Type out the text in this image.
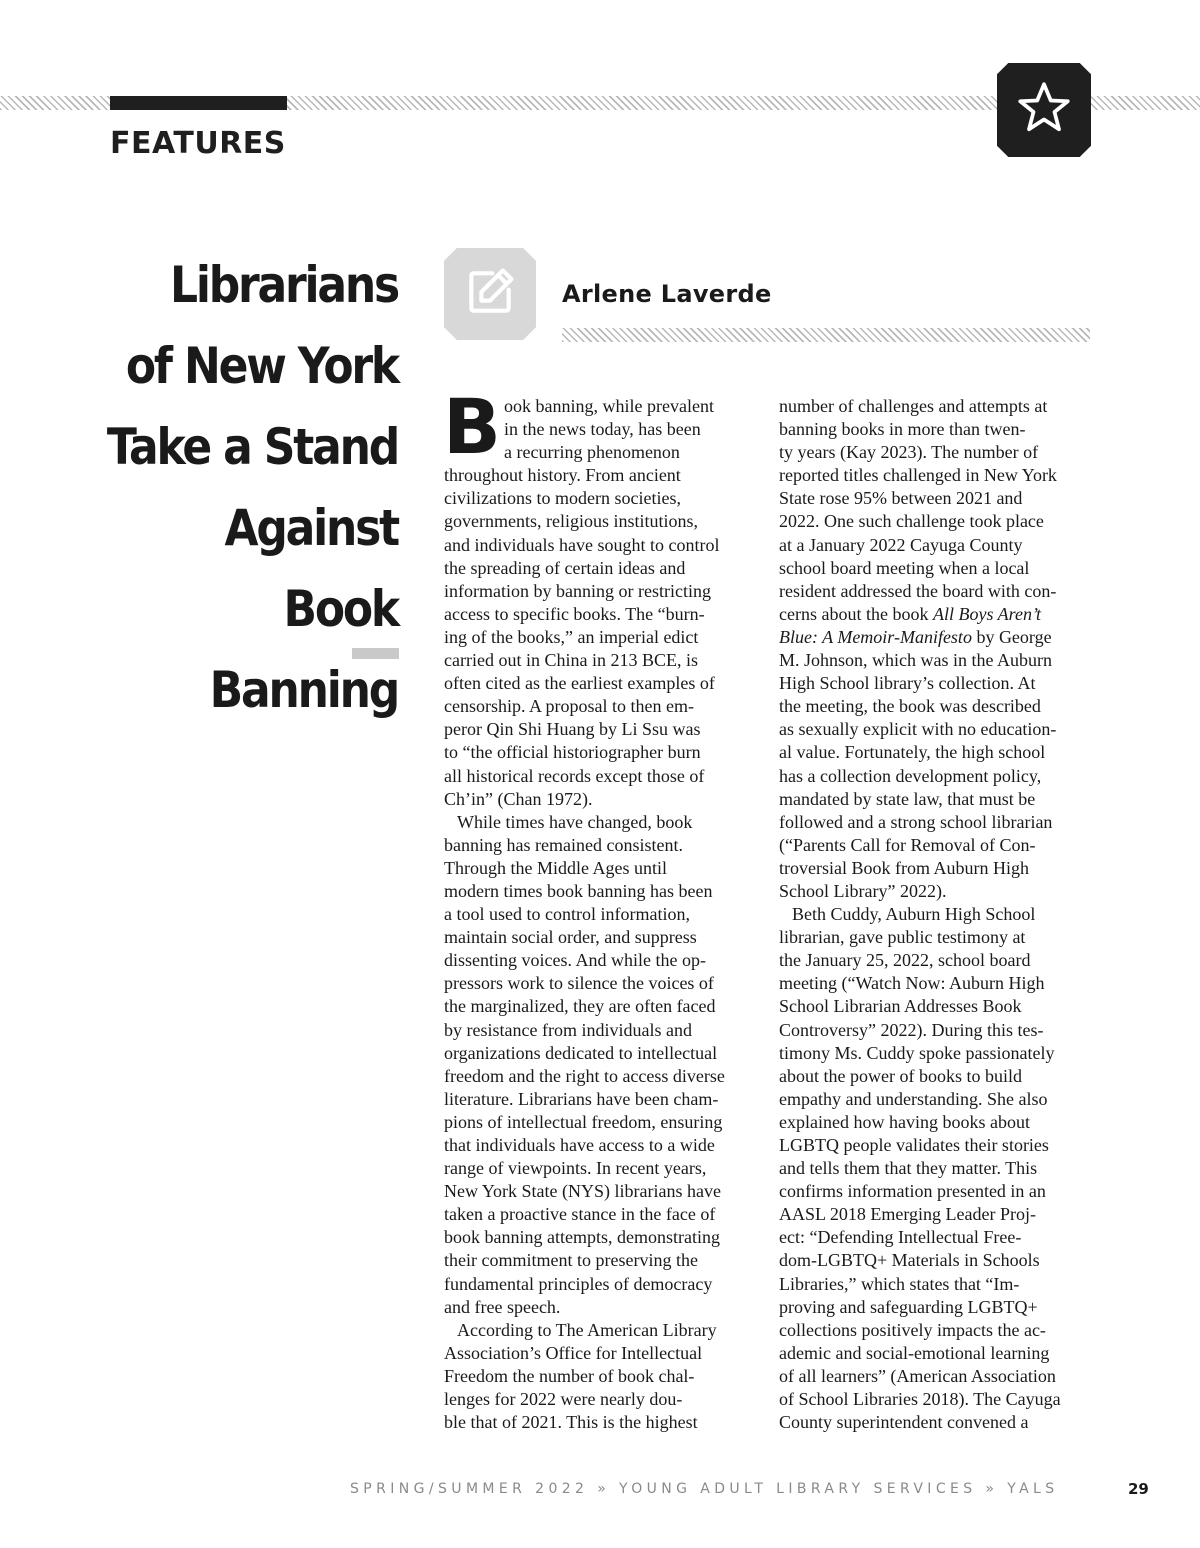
FEATURES
Librarians
of New York
Take a Stand
Against Book
Banning
Arlene Laverde
B ook banning, while prevalent
in the news today, has been
a recurring phenomenon
throughout history. From ancient
civilizations to modern societies,
governments, religious institutions,
and individuals have sought to control
the spreading of certain ideas and
information by banning or restricting
access to specific books. The “burn-
ing of the books,” an imperial edict
carried out in China in 213 BCE, is
often cited as the earliest examples of
censorship. A proposal to then em-
peror Qin Shi Huang by Li Ssu was
to “the official historiographer burn
all historical records except those of
Ch’in” (Chan 1972).
While times have changed, book
banning has remained consistent.
Through the Middle Ages until
modern times book banning has been
a tool used to control information,
maintain social order, and suppress
dissenting voices. And while the op-
pressors work to silence the voices of
the marginalized, they are often faced
by resistance from individuals and
organizations dedicated to intellectual
freedom and the right to access diverse
literature. Librarians have been cham-
pions of intellectual freedom, ensuring
that individuals have access to a wide
range of viewpoints. In recent years,
New York State (NYS) librarians have
taken a proactive stance in the face of
book banning attempts, demonstrating
their commitment to preserving the
fundamental principles of democracy
and free speech.
According to The American Library
Association’s Office for Intellectual
Freedom the number of book chal-
lenges for 2022 were nearly dou-
ble that of 2021. This is the highest
number of challenges and attempts at
banning books in more than twen-
ty years (Kay 2023). The number of
reported titles challenged in New York
State rose 95% between 2021 and
2022. One such challenge took place
at a January 2022 Cayuga County
school board meeting when a local
resident addressed the board with con-
cerns about the book All Boys Aren’t
Blue: A Memoir-Manifesto by George
M. Johnson, which was in the Auburn
High School library’s collection. At
the meeting, the book was described
as sexually explicit with no education-
al value. Fortunately, the high school
has a collection development policy,
mandated by state law, that must be
followed and a strong school librarian
(“Parents Call for Removal of Con-
troversial Book from Auburn High
School Library” 2022).
Beth Cuddy, Auburn High School
librarian, gave public testimony at
the January 25, 2022, school board
meeting (“Watch Now: Auburn High
School Librarian Addresses Book
Controversy” 2022). During this tes-
timony Ms. Cuddy spoke passionately
about the power of books to build
empathy and understanding. She also
explained how having books about
LGBTQ people validates their stories
and tells them that they matter. This
confirms information presented in an
AASL 2018 Emerging Leader Proj-
ect: “Defending Intellectual Free-
dom-LGBTQ+ Materials in Schools
Libraries,” which states that “Im-
proving and safeguarding LGBTQ+
collections positively impacts the ac-
ademic and social-emotional learning
of all learners” (American Association
of School Libraries 2018). The Cayuga
County superintendent convened a
SPRING/SUMMER 2022 » YOUNG ADULT LIBRARY SERVICES » YALS	29
